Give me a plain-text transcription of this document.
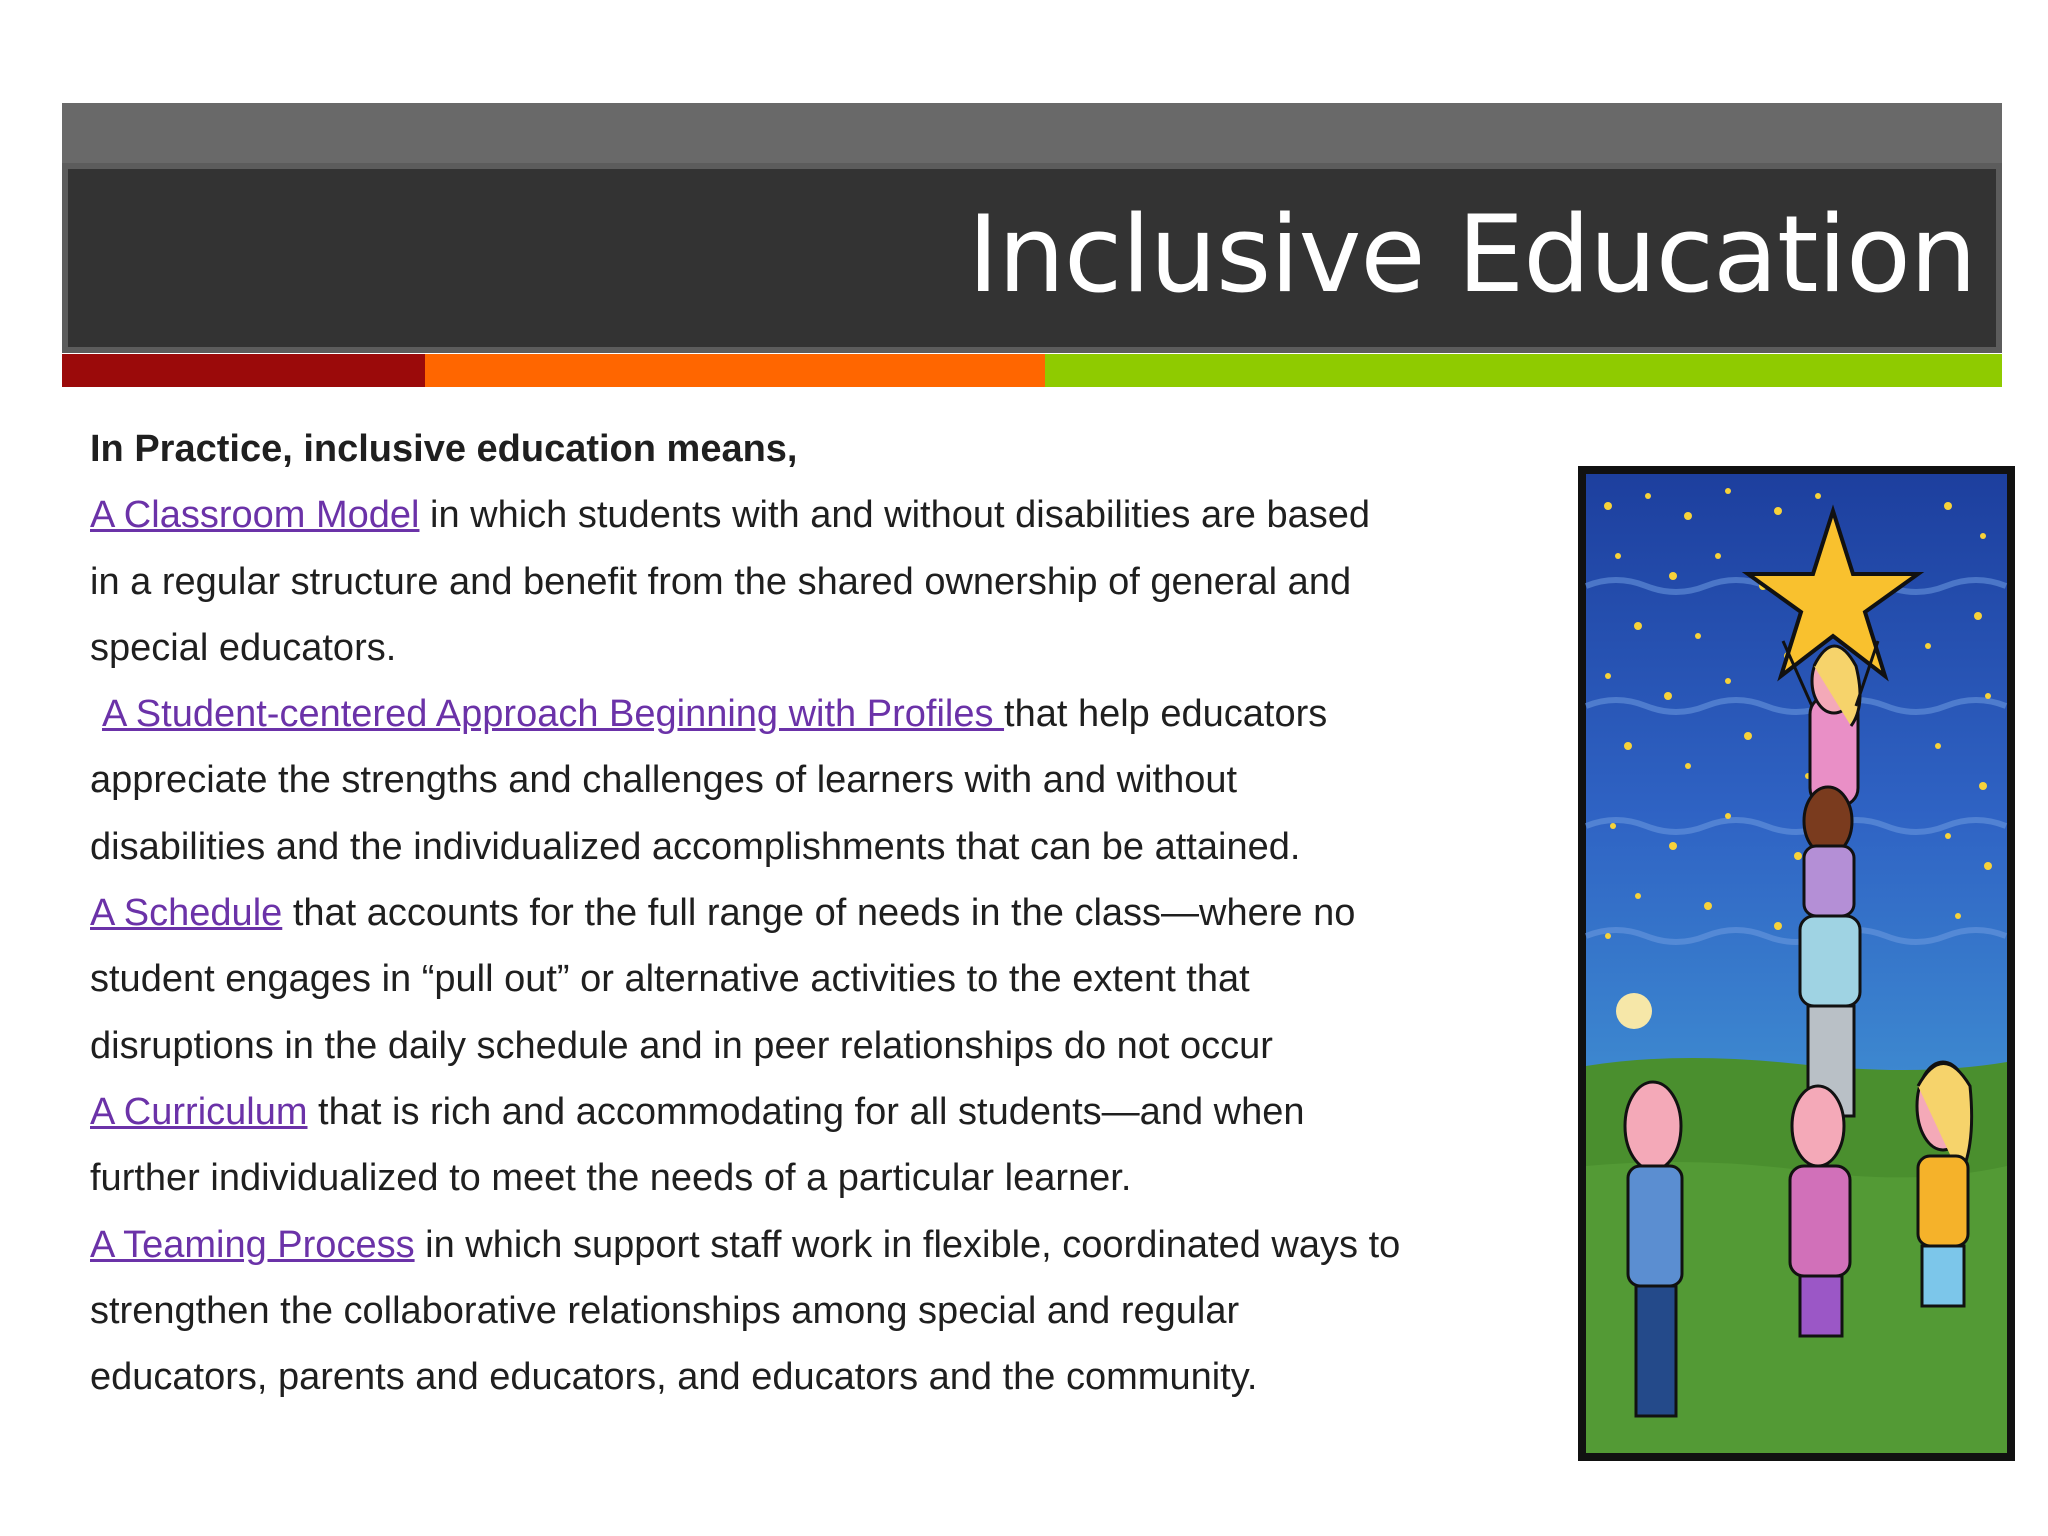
Inclusive Education

In Practice, inclusive education means,

A Classroom Model in which students with and without disabilities are based

in a regular structure and benefit from the shared ownership of general and

special educators.

A Student-centered Approach Beginning with Profiles that help educators

appreciate the strengths and challenges of learners with and without

disabilities and the individualized accomplishments that can be attained.

A Schedule that accounts for the full range of needs in the class—where no

student engages in “pull out” or alternative activities to the extent that

disruptions in the daily schedule and in peer relationships do not occur

A Curriculum that is rich and accommodating for all students—and when

further individualized to meet the needs of a particular learner.

A Teaming Process in which support staff work in flexible, coordinated ways to

strengthen the collaborative relationships among special and regular

educators, parents and educators, and educators and the community.
